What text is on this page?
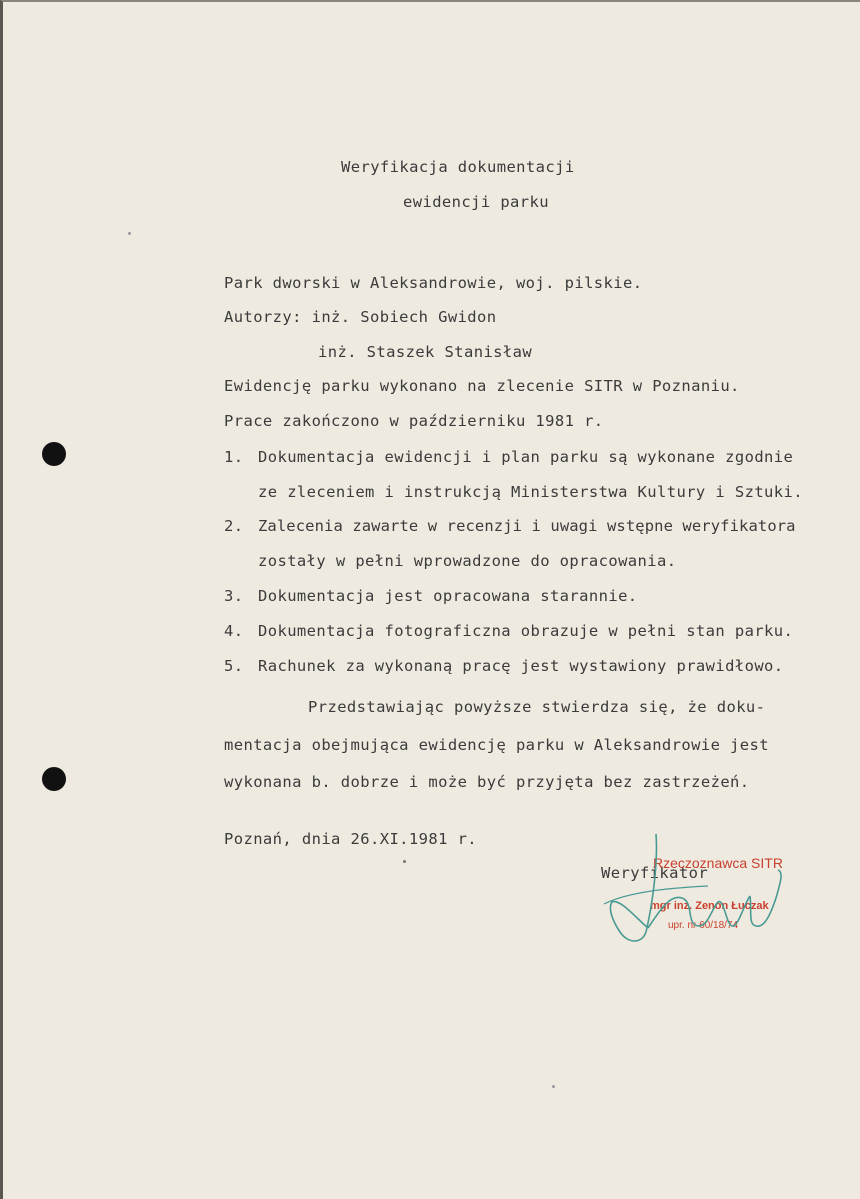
Weryfikacja dokumentacji
ewidencji parku
Park dworski w Aleksandrowie, woj. pilskie.
Autorzy: inż. Sobiech Gwidon
inż. Staszek Stanisław
Ewidencję parku wykonano na zlecenie SITR w Poznaniu.
Prace zakończono w październiku 1981 r.
1. Dokumentacja ewidencji i plan parku są wykonane zgodnie
ze zleceniem i instrukcją Ministerstwa Kultury i Sztuki.
2. Zalecenia zawarte w recenzji i uwagi wstępne weryfikatora
zostały w pełni wprowadzone do opracowania.
3. Dokumentacja jest opracowana starannie.
4. Dokumentacja fotograficzna obrazuje w pełni stan parku.
5. Rachunek za wykonaną pracę jest wystawiony prawidłowo.
Przedstawiając powyższe stwierdza się, że doku-
mentacja obejmująca ewidencję parku w Aleksandrowie jest
wykonana b. dobrze i może być przyjęta bez zastrzeżeń.
Poznań, dnia 26.XI.1981 r.
Weryfikator
Rzeczoznawca SITR
mgr inż. Zenon Łuczak
upr. nr 60/18/74
